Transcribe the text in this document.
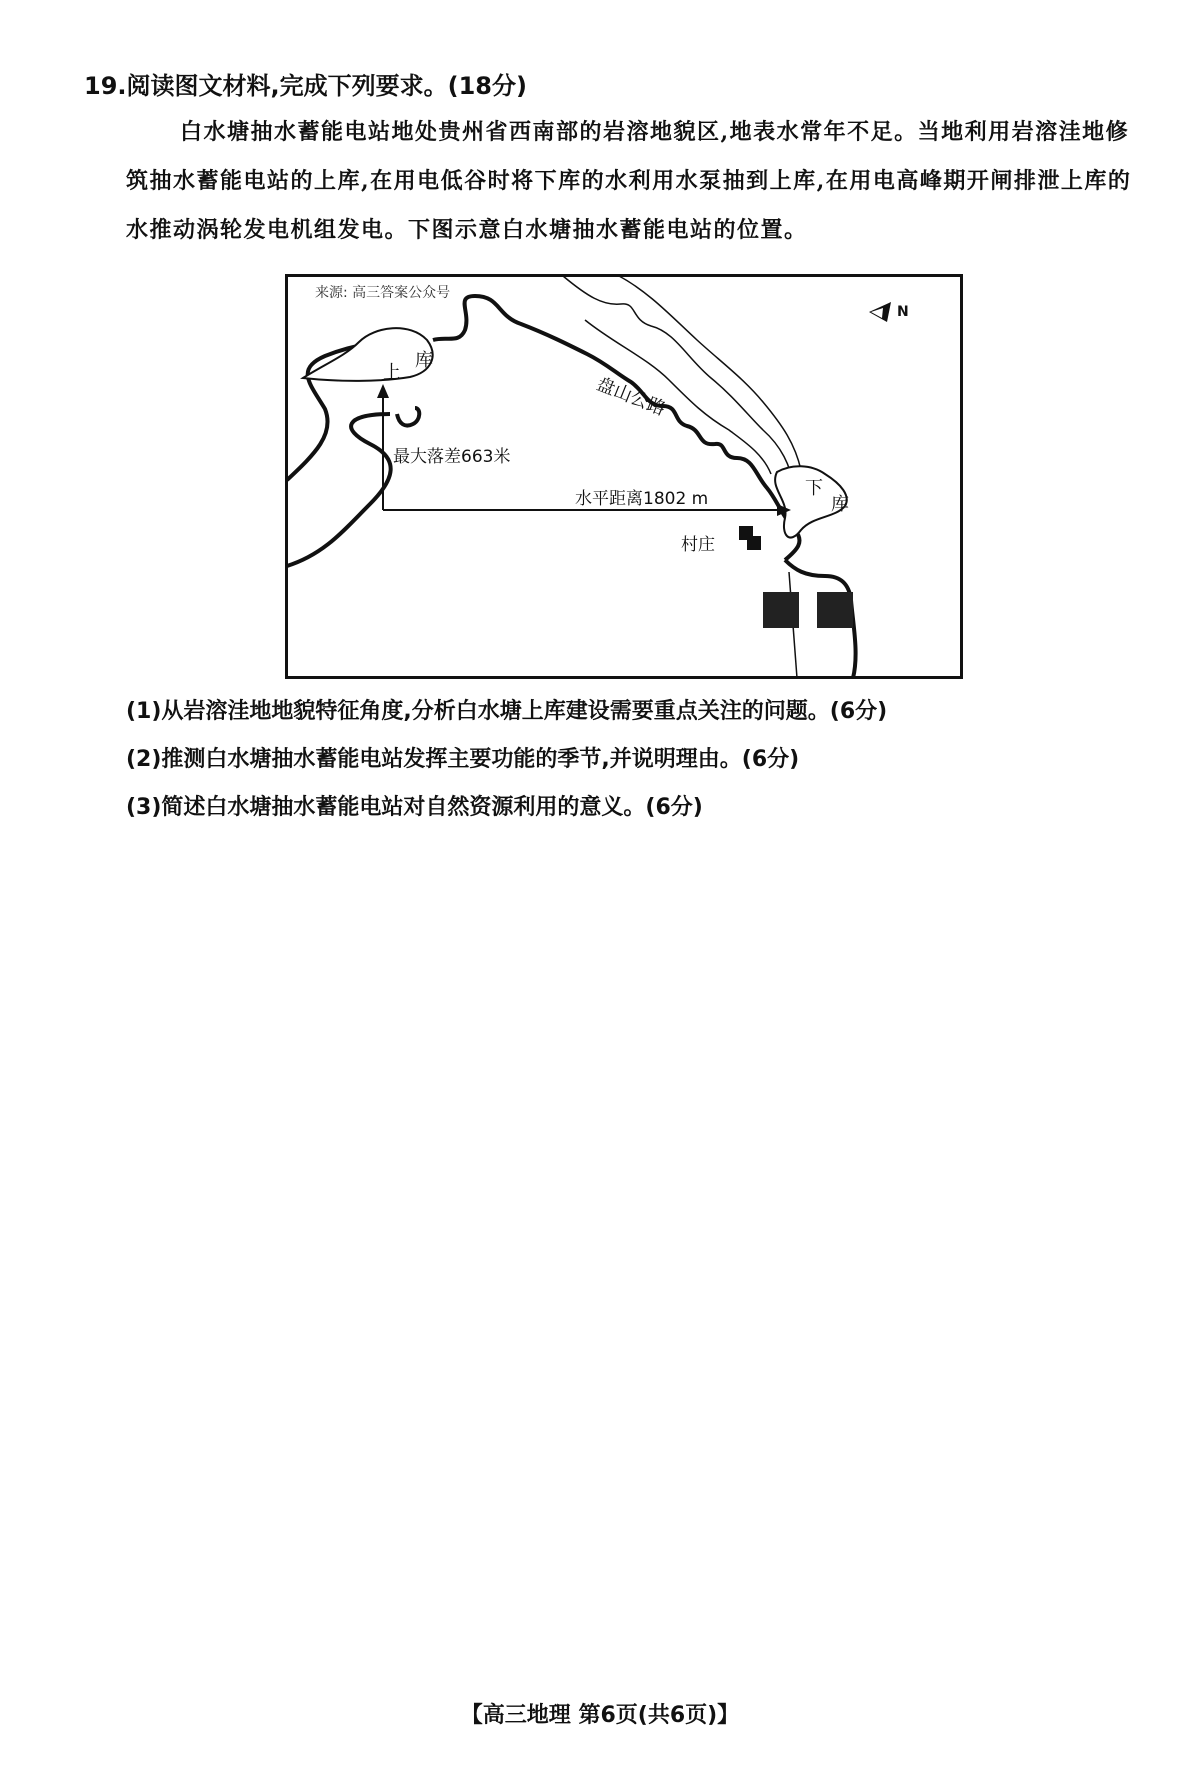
19.阅读图文材料,完成下列要求。(18分)

白水塘抽水蓄能电站地处贵州省西南部的岩溶地貌区,地表水常年不足。当地利用岩溶洼地修筑抽水蓄能电站的上库,在用电低谷时将下库的水利用水泵抽到上库,在用电高峰期开闸排泄上库的水推动涡轮发电机组发电。下图示意白水塘抽水蓄能电站的位置。

来源: 高三答案公众号
N
上
库
盘山公路
下
库
最大落差663米
水平距离1802 m
村庄

(1)从岩溶洼地地貌特征角度,分析白水塘上库建设需要重点关注的问题。(6分)

(2)推测白水塘抽水蓄能电站发挥主要功能的季节,并说明理由。(6分)

(3)简述白水塘抽水蓄能电站对自然资源利用的意义。(6分)

【高三地理 第6页(共6页)】
